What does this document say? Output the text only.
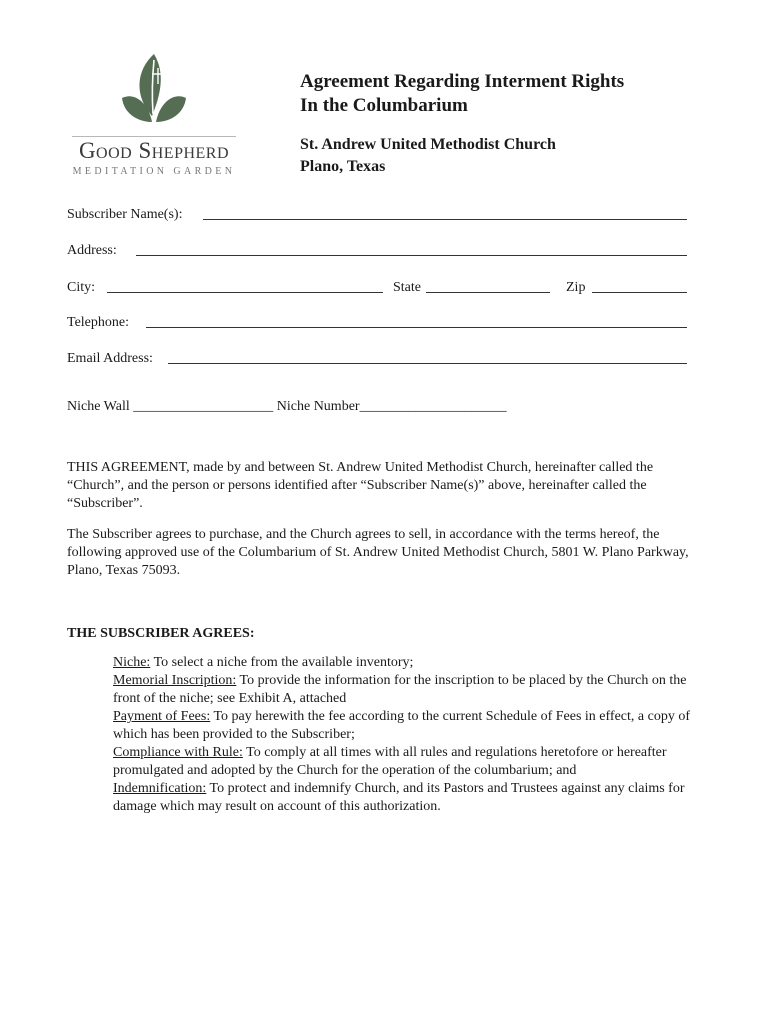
Good Shepherd
MEDITATION GARDEN
Agreement Regarding Interment Rights
In the Columbarium
St. Andrew United Methodist Church
Plano, Texas
Subscriber Name(s):
Address:
City:	State	Zip
Telephone:
Email Address:
Niche Wall ____________________ Niche Number_____________________

THIS AGREEMENT, made by and between St. Andrew United Methodist Church, hereinafter called the “Church”, and the person or persons identified after “Subscriber Name(s)” above, hereinafter called the “Subscriber”.

The Subscriber agrees to purchase, and the Church agrees to sell, in accordance with the terms hereof, the following approved use of the Columbarium of St. Andrew United Methodist Church, 5801 W. Plano Parkway, Plano, Texas 75093.

THE SUBSCRIBER AGREES:

Niche: To select a niche from the available inventory;
Memorial Inscription: To provide the information for the inscription to be placed by the Church on the front of the niche; see Exhibit A, attached
Payment of Fees: To pay herewith the fee according to the current Schedule of Fees in effect, a copy of which has been provided to the Subscriber;
Compliance with Rule: To comply at all times with all rules and regulations heretofore or hereafter promulgated and adopted by the Church for the operation of the columbarium; and
Indemnification: To protect and indemnify Church, and its Pastors and Trustees against any claims for damage which may result on account of this authorization.
